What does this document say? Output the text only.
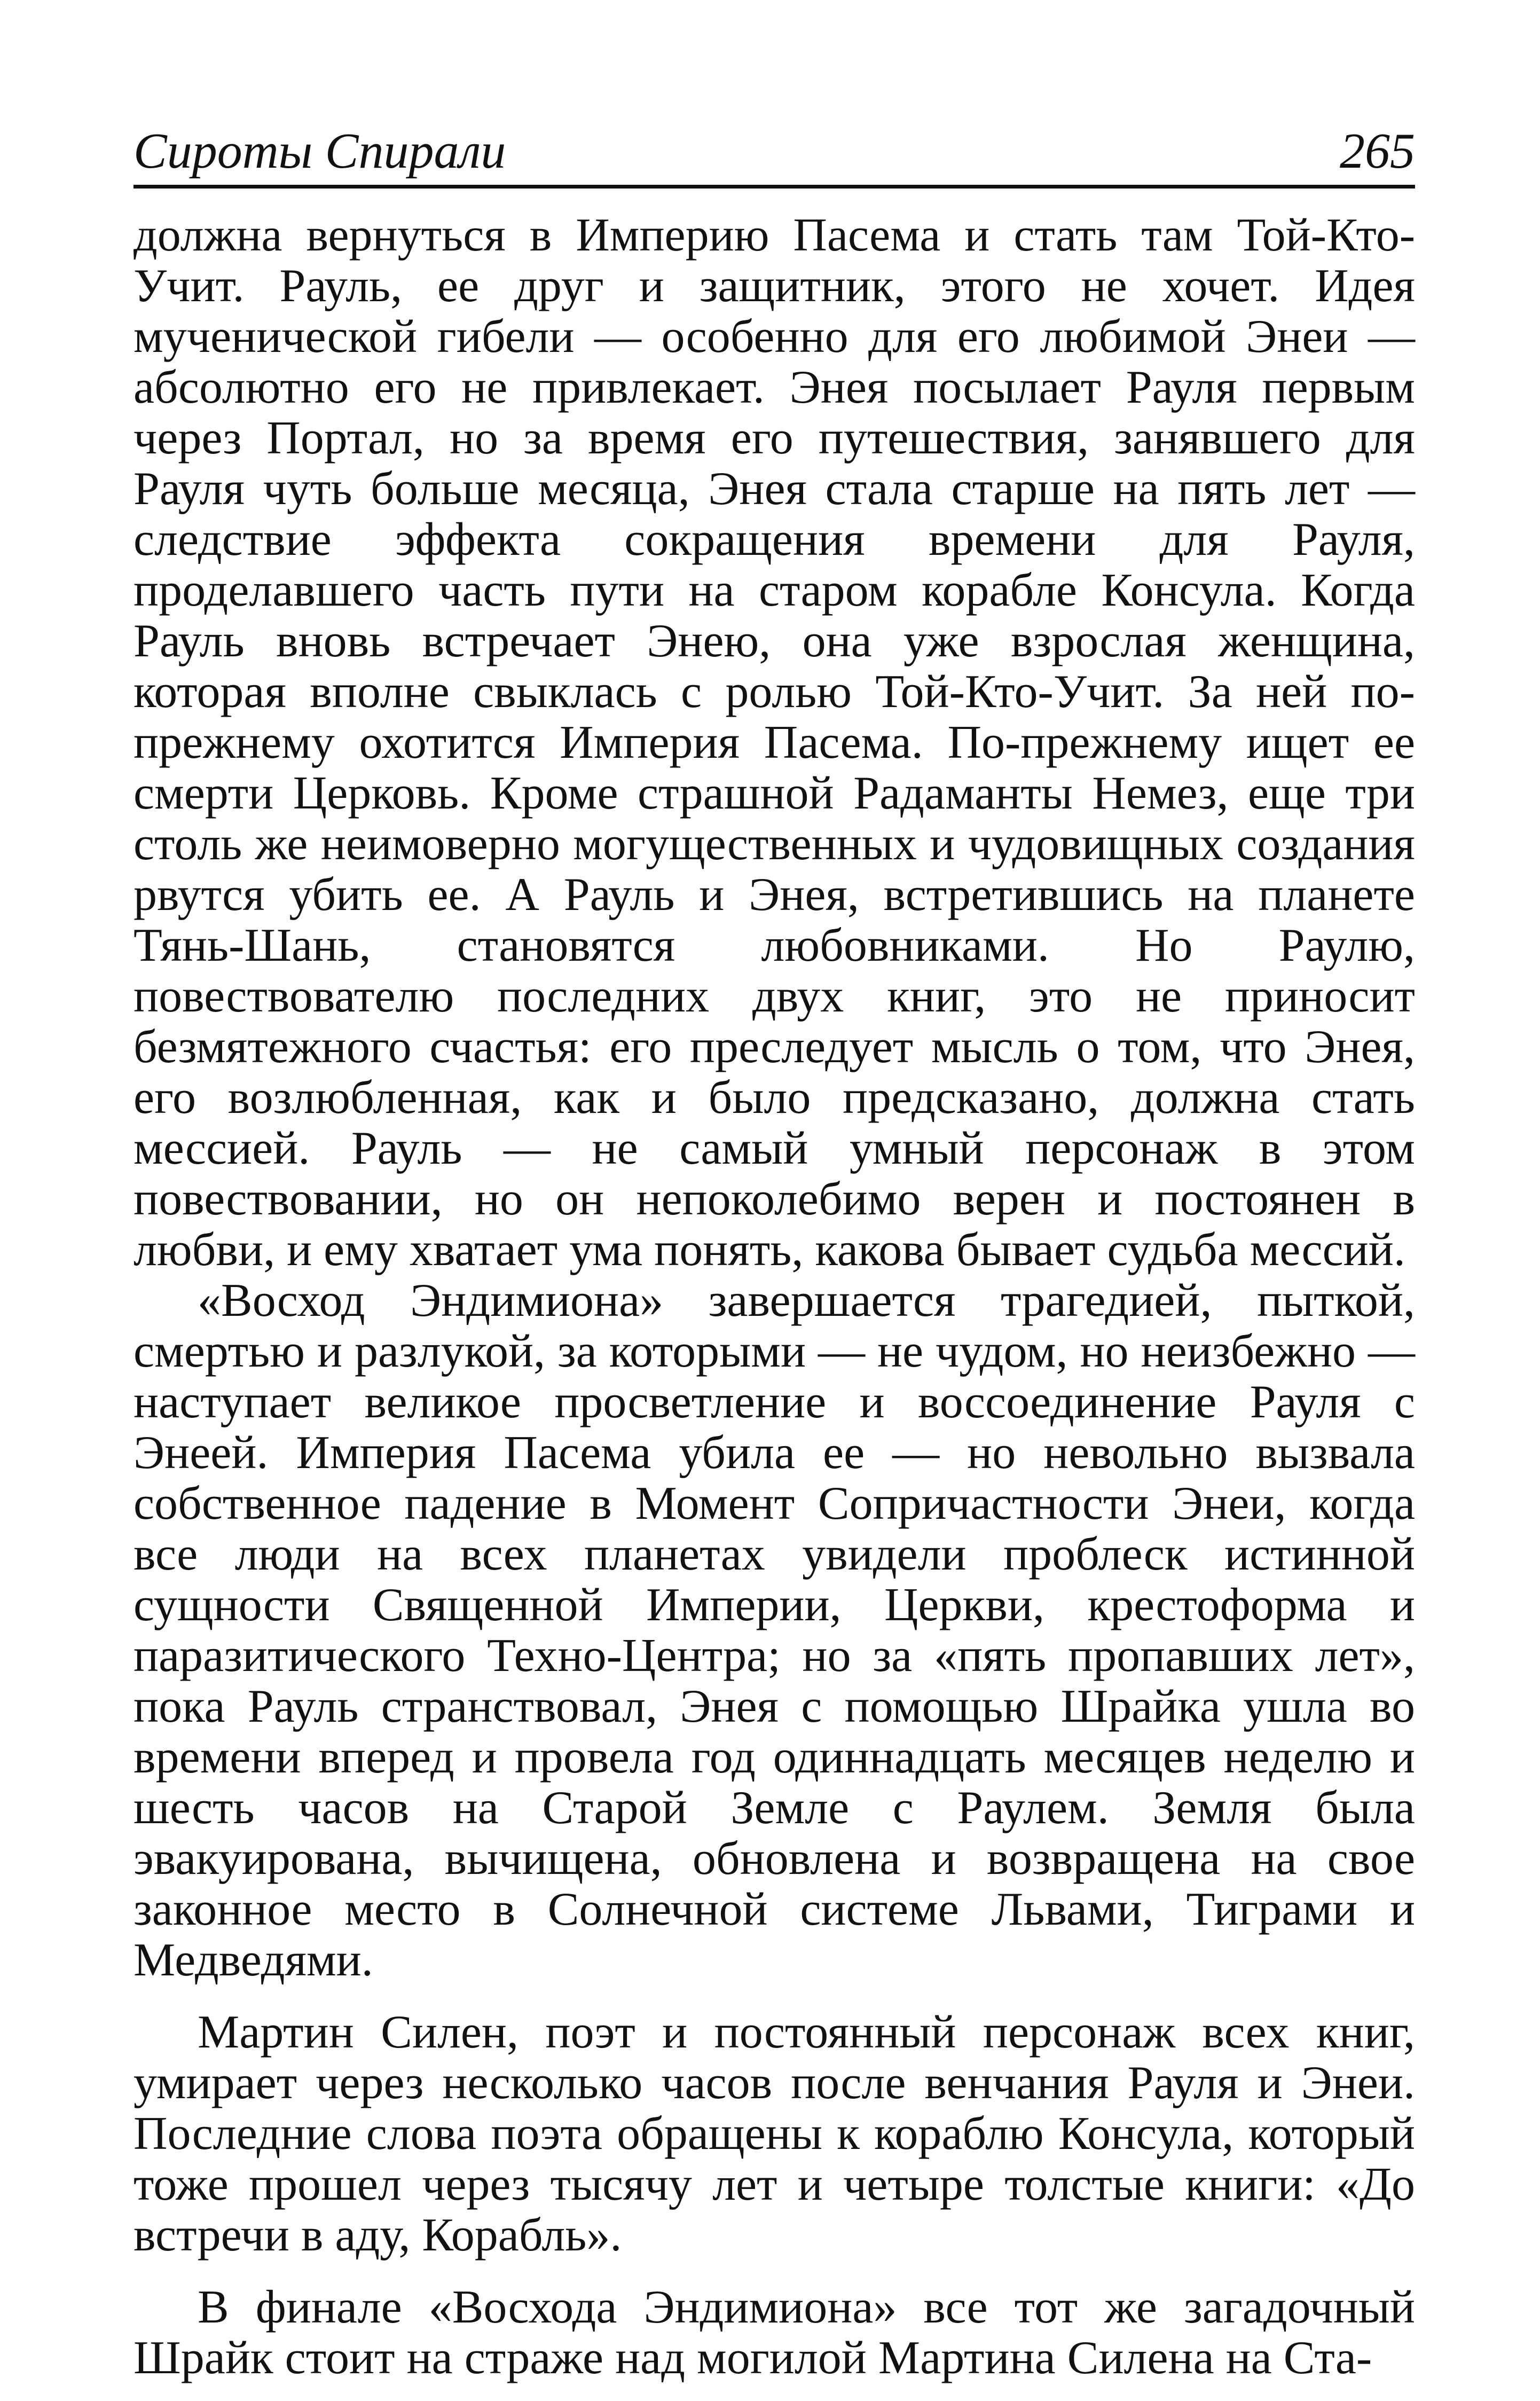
Сироты Спирали	265

должна вернуться в Империю Пасема и стать там Той-Кто-Учит. Рауль, ее друг и защитник, этого не хочет. Идея мученической гибели — особенно для его любимой Энеи — абсолютно его не привлекает. Энея посылает Рауля первым через Портал, но за время его путешествия, занявшего для Рауля чуть больше месяца, Энея стала старше на пять лет — следствие эффекта сокращения времени для Рауля, проделавшего часть пути на старом корабле Консула. Когда Рауль вновь встречает Энею, она уже взрослая женщина, которая вполне свыклась с ролью Той-Кто-Учит. За ней по-прежнему охотится Империя Пасема. По-прежнему ищет ее смерти Церковь. Кроме страшной Радаманты Немез, еще три столь же неимоверно могущественных и чудовищных создания рвутся убить ее. А Рауль и Энея, встретившись на планете Тянь-Шань, становятся любовниками. Но Раулю, повествователю последних двух книг, это не приносит безмятежного счастья: его преследует мысль о том, что Энея, его возлюбленная, как и было предсказано, должна стать мессией. Рауль — не самый умный персонаж в этом повествовании, но он непоколебимо верен и постоянен в любви, и ему хватает ума понять, какова бывает судьба мессий.

«Восход Эндимиона» завершается трагедией, пыткой, смертью и разлукой, за которыми — не чудом, но неизбежно — наступает великое просветление и воссоединение Рауля с Энеей. Империя Пасема убила ее — но невольно вызвала собственное падение в Момент Сопричастности Энеи, когда все люди на всех планетах увидели проблеск истинной сущности Священной Империи, Церкви, крестоформа и паразитического Техно-Центра; но за «пять пропавших лет», пока Рауль странствовал, Энея с помощью Шрайка ушла во времени вперед и провела год одиннадцать месяцев неделю и шесть часов на Старой Земле с Раулем. Земля была эвакуирована, вычищена, обновлена и возвращена на свое законное место в Солнечной системе Львами, Тиграми и Медведями.

Мартин Силен, поэт и постоянный персонаж всех книг, умирает через несколько часов после венчания Рауля и Энеи. Последние слова поэта обращены к кораблю Консула, который тоже прошел через тысячу лет и четыре толстые книги: «До встречи в аду, Корабль».

В финале «Восхода Эндимиона» все тот же загадочный Шрайк стоит на страже над могилой Мартина Силена на Ста-
